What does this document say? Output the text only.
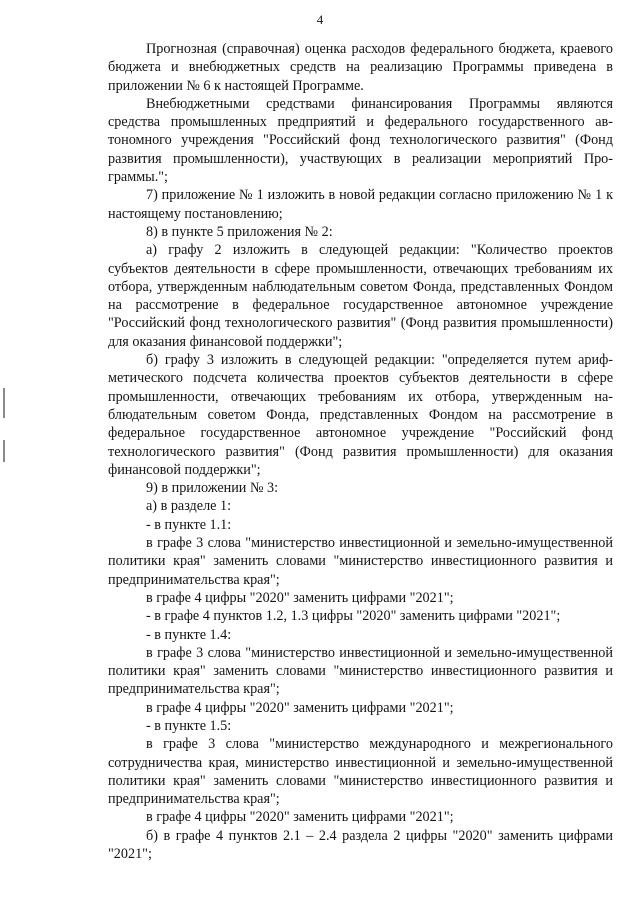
4

Прогнозная (справочная) оценка расходов федерального бюджета, краевого бюджета и внебюджетных средств на реализацию Программы приведена в приложении № 6 к настоящей Программе.

Внебюджетными средствами финансирования Программы являются средства промышленных предприятий и федерального государственного автономного учреждения "Российский фонд технологического развития" (Фонд развития промышленности), участвующих в реализации мероприятий Программы.";

7) приложение № 1 изложить в новой редакции согласно приложению № 1 к настоящему постановлению;

8) в пункте 5 приложения № 2:

а) графу 2 изложить в следующей редакции: "Количество проектов субъектов деятельности в сфере промышленности, отвечающих требованиям их отбора, утвержденным наблюдательным советом Фонда, представленных Фондом на рассмотрение в федеральное государственное автономное учреждение "Российский фонд технологического развития" (Фонд развития промышленности) для оказания финансовой поддержки";

б) графу 3 изложить в следующей редакции: "определяется путем арифметического подсчета количества проектов субъектов деятельности в сфере промышленности, отвечающих требованиям их отбора, утвержденным наблюдательным советом Фонда, представленных Фондом на рассмотрение в федеральное государственное автономное учреждение "Российский фонд технологического развития" (Фонд развития промышленности) для оказания финансовой поддержки";

9) в приложении № 3:

а) в разделе 1:

- в пункте 1.1:

в графе 3 слова "министерство инвестиционной и земельно-имущественной политики края" заменить словами "министерство инвестиционного развития и предпринимательства края";

в графе 4 цифры "2020" заменить цифрами "2021";

- в графе 4 пунктов 1.2, 1.3 цифры "2020" заменить цифрами "2021";

- в пункте 1.4:

в графе 3 слова "министерство инвестиционной и земельно-имущественной политики края" заменить словами "министерство инвестиционного развития и предпринимательства края";

в графе 4 цифры "2020" заменить цифрами "2021";

- в пункте 1.5:

в графе 3 слова "министерство международного и межрегионального сотрудничества края, министерство инвестиционной и земельно-имущественной политики края" заменить словами "министерство инвестиционного развития и предпринимательства края";

в графе 4 цифры "2020" заменить цифрами "2021";

б) в графе 4 пунктов 2.1 – 2.4 раздела 2 цифры "2020" заменить цифрами "2021";
